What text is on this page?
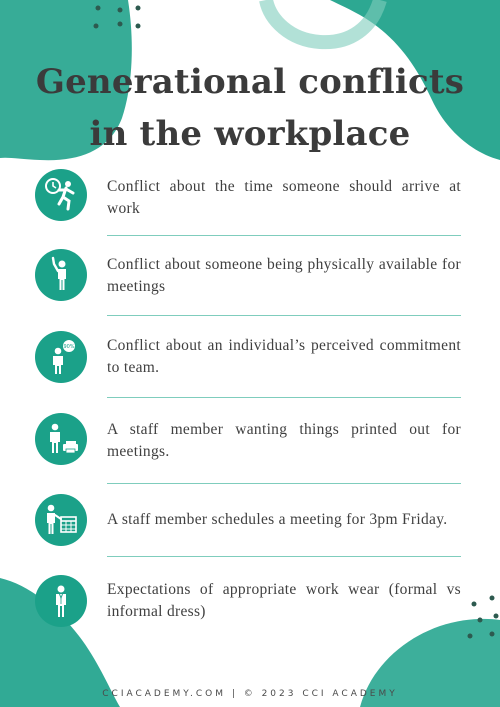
Generational conflicts
in the workplace
Conflict about the time someone should arrive at work
Conflict about someone being physically available for meetings
90% Conflict about an individual’s perceived commitment to team.
A staff member wanting things printed out for meetings.
A staff member schedules a meeting for 3pm Friday.
Expectations of appropriate work wear (formal vs informal dress)
CCIACADEMY.COM | © 2023 CCI ACADEMY
